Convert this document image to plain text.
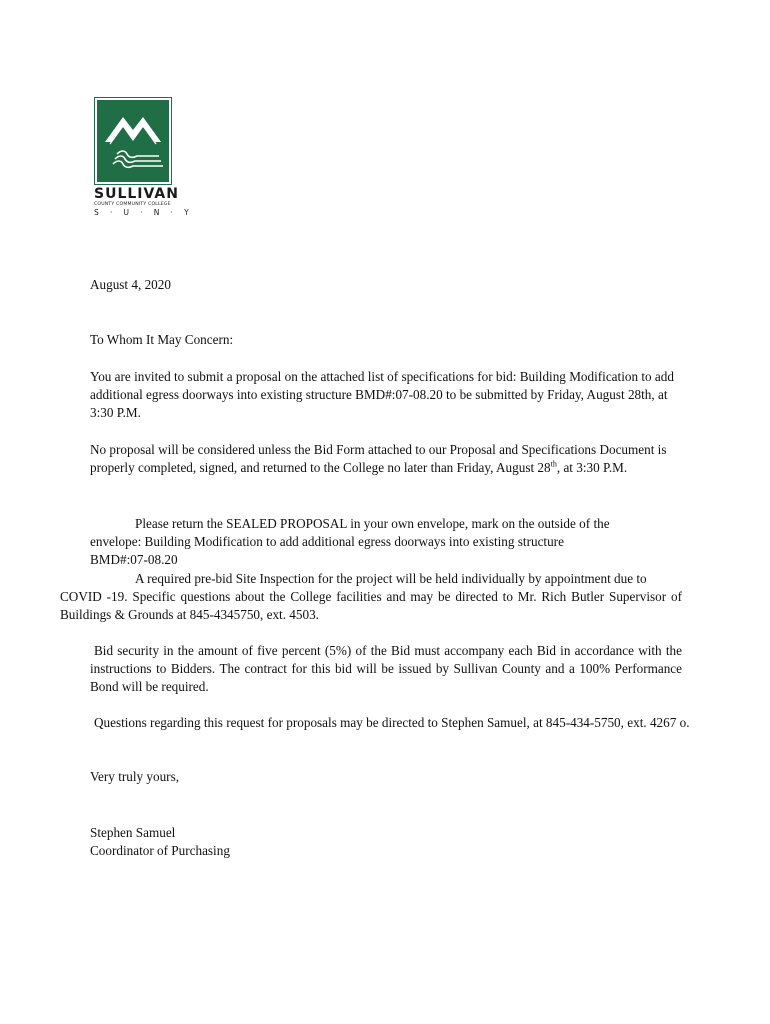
SULLIVAN
COUNTY COMMUNITY COLLEGE
S · U · N · Y

August 4, 2020

To Whom It May Concern:

You are invited to submit a proposal on the attached list of specifications for bid: Building Modification to add additional egress doorways into existing structure BMD#:07-08.20 to be submitted by Friday, August 28th, at 3:30 P.M.

No proposal will be considered unless the Bid Form attached to our Proposal and Specifications Document is properly completed, signed, and returned to the College no later than Friday, August 28th, at 3:30 P.M.

Please return the SEALED PROPOSAL in your own envelope, mark on the outside of the
envelope: Building Modification to add additional egress doorways into existing structure
BMD#:07-08.20

A required pre-bid Site Inspection for the project will be held individually by appointment due to

COVID -19. Specific questions about the College facilities and may be directed to Mr. Rich Butler Supervisor of Buildings & Grounds at 845-4345750, ext. 4503.

Bid security in the amount of five percent (5%) of the Bid must accompany each Bid in accordance with the instructions to Bidders. The contract for this bid will be issued by Sullivan County and a 100% Performance Bond will be required.

Questions regarding this request for proposals may be directed to Stephen Samuel, at 845-434-5750, ext. 4267 o.

Very truly yours,

Stephen Samuel

Coordinator of Purchasing
